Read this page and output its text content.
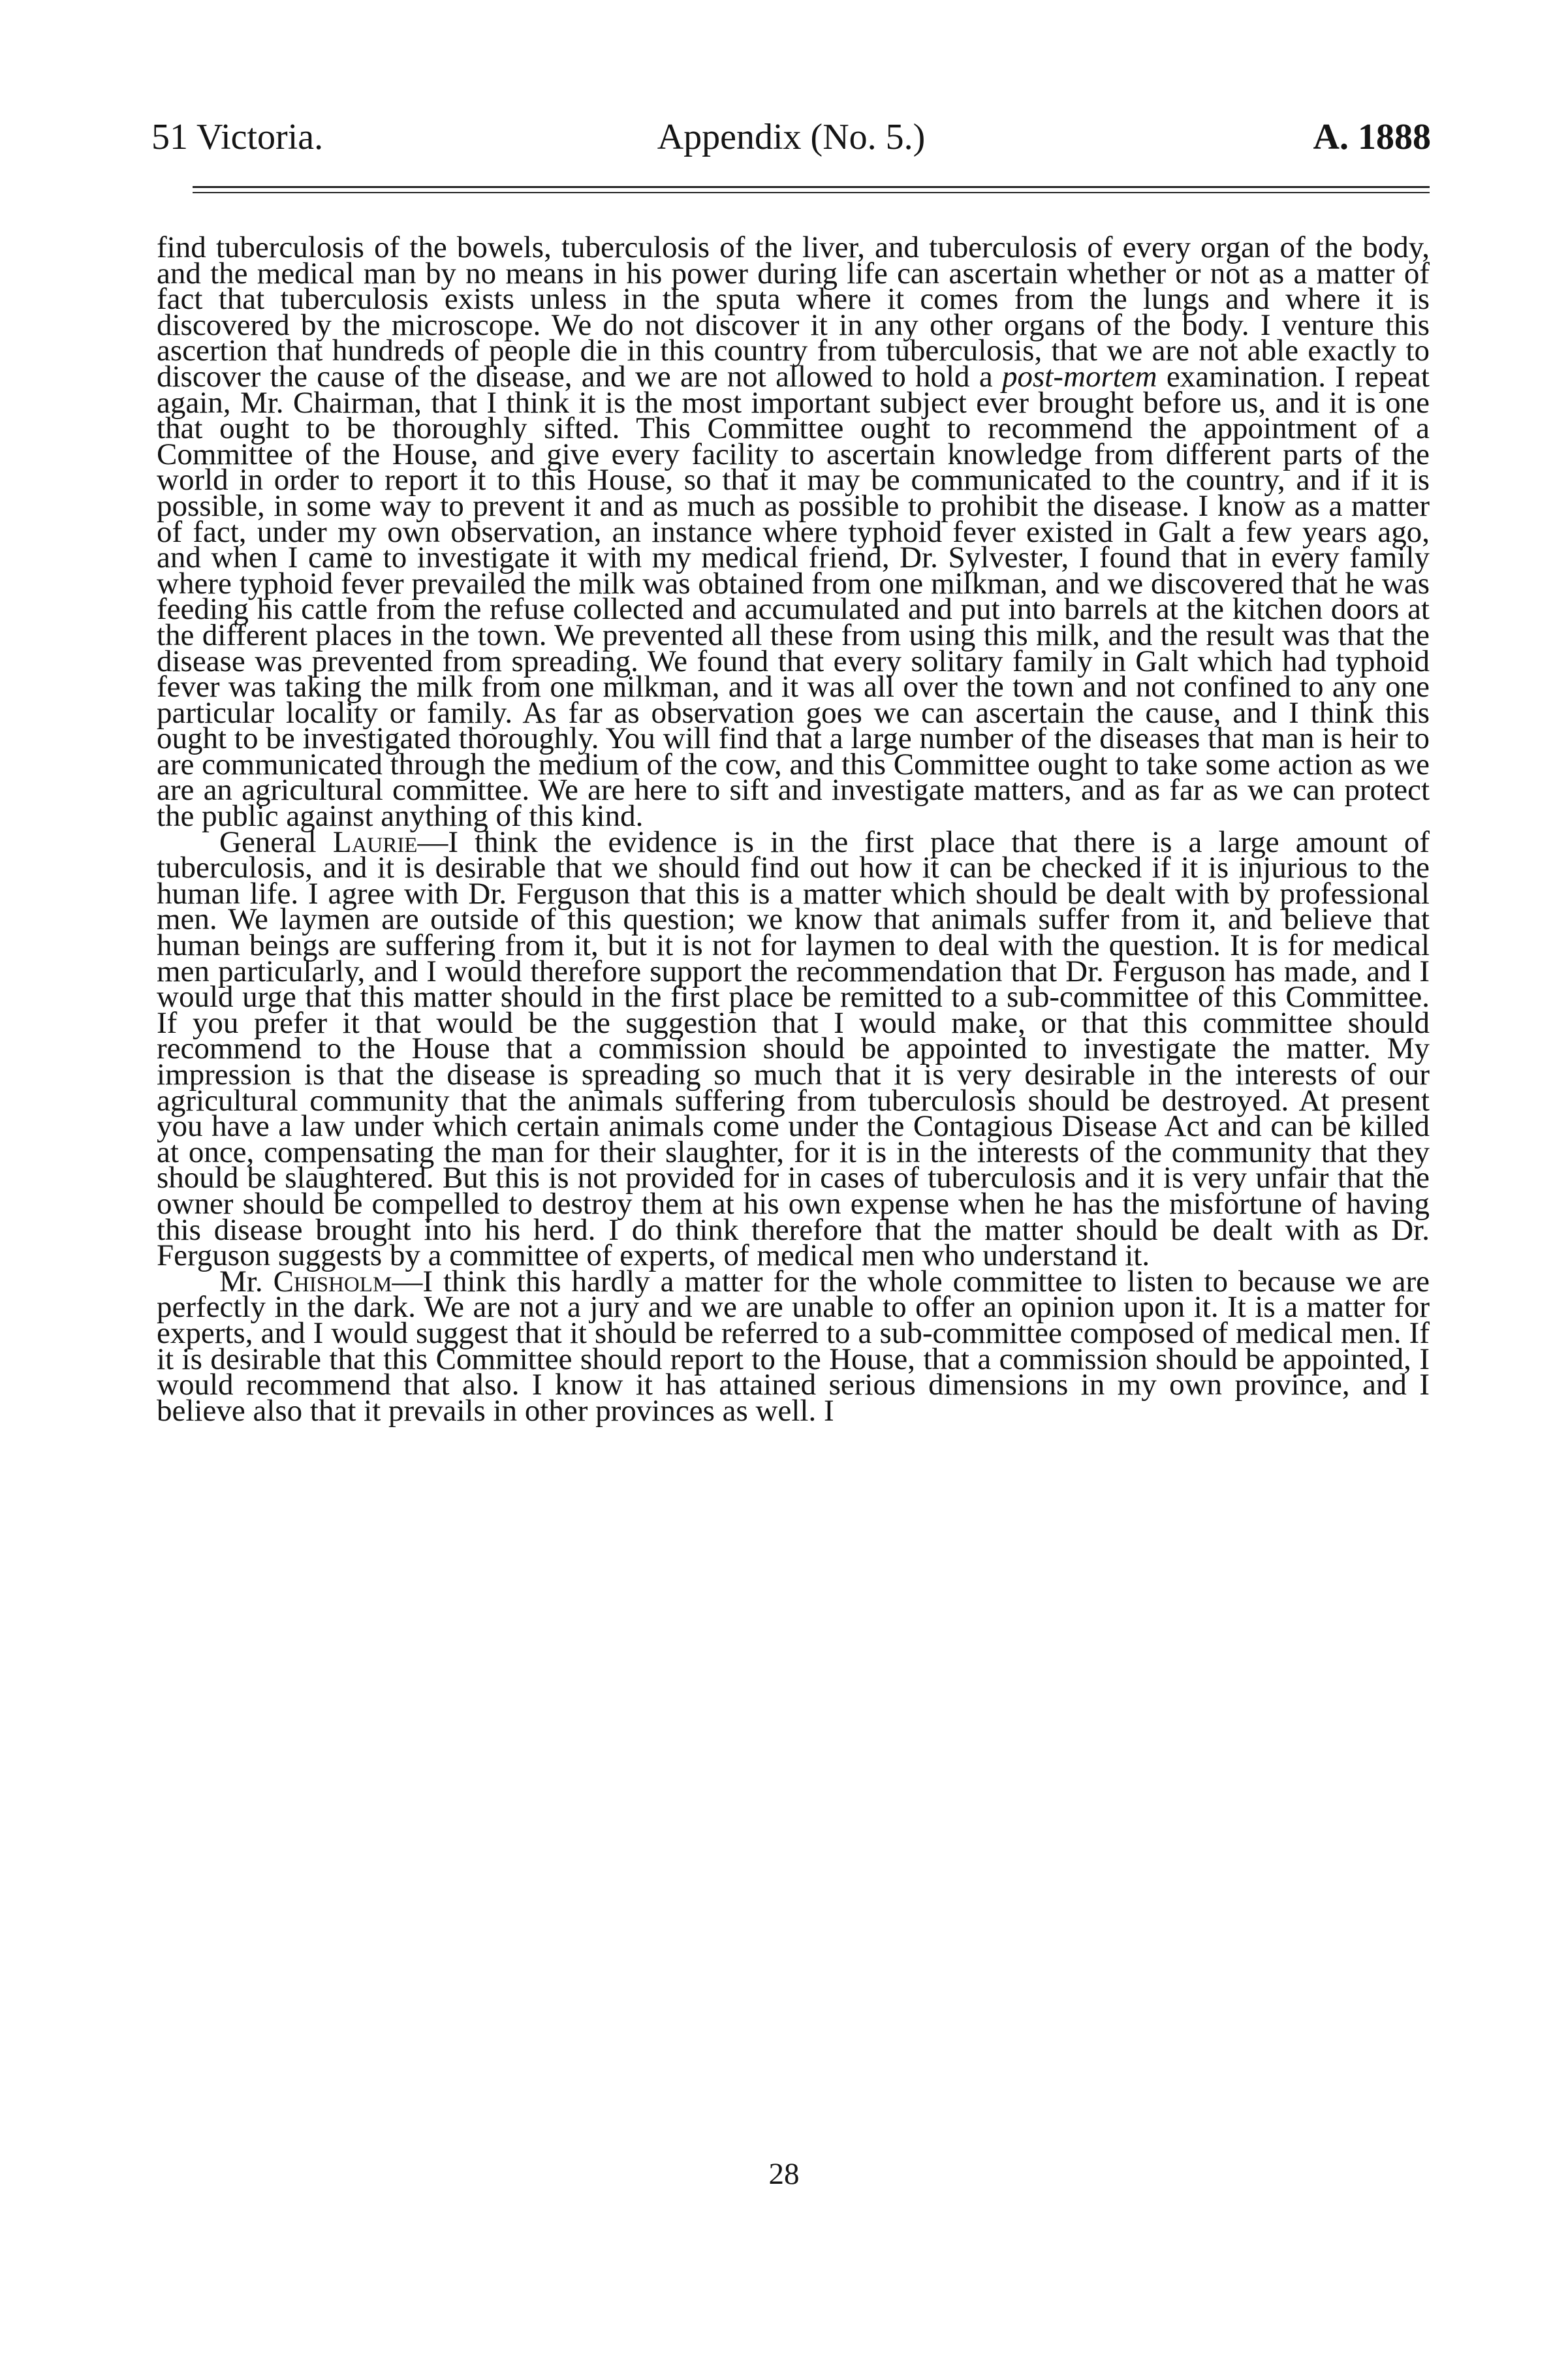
51 Victoria.	Appendix (No. 5.)	A. 1888

find tuberculosis of the bowels, tuberculosis of the liver, and tuberculosis of every organ of the body, and the medical man by no means in his power during life can ascertain whether or not as a matter of fact that tuberculosis exists unless in the sputa where it comes from the lungs and where it is discovered by the microscope. We do not discover it in any other organs of the body. I venture this ascertion that hundreds of people die in this country from tuberculosis, that we are not able exactly to discover the cause of the disease, and we are not allowed to hold a post-mortem examination. I repeat again, Mr. Chairman, that I think it is the most important subject ever brought before us, and it is one that ought to be thoroughly sifted. This Committee ought to recommend the appointment of a Committee of the House, and give every facility to ascertain knowledge from different parts of the world in order to report it to this House, so that it may be communicated to the country, and if it is possible, in some way to prevent it and as much as possible to prohibit the disease. I know as a matter of fact, under my own observation, an instance where typhoid fever existed in Galt a few years ago, and when I came to investigate it with my medical friend, Dr. Sylvester, I found that in every family where typhoid fever prevailed the milk was obtained from one milkman, and we discovered that he was feeding his cattle from the refuse collected and accumulated and put into barrels at the kitchen doors at the different places in the town. We prevented all these from using this milk, and the result was that the disease was prevented from spreading. We found that every solitary family in Galt which had typhoid fever was taking the milk from one milkman, and it was all over the town and not confined to any one particular locality or family. As far as observation goes we can ascertain the cause, and I think this ought to be investigated thoroughly. You will find that a large number of the diseases that man is heir to are communicated through the medium of the cow, and this Committee ought to take some action as we are an agricultural committee. We are here to sift and investigate matters, and as far as we can protect the public against anything of this kind.

General Laurie—I think the evidence is in the first place that there is a large amount of tuberculosis, and it is desirable that we should find out how it can be checked if it is injurious to the human life. I agree with Dr. Ferguson that this is a matter which should be dealt with by professional men. We laymen are outside of this question; we know that animals suffer from it, and believe that human beings are suffering from it, but it is not for laymen to deal with the question. It is for medical men particularly, and I would therefore support the recommendation that Dr. Ferguson has made, and I would urge that this matter should in the first place be remitted to a sub-committee of this Committee. If you prefer it that would be the suggestion that I would make, or that this committee should recommend to the House that a commission should be appointed to investigate the matter. My impression is that the disease is spreading so much that it is very desirable in the interests of our agricultural community that the animals suffering from tuberculosis should be destroyed. At present you have a law under which certain animals come under the Contagious Disease Act and can be killed at once, compensating the man for their slaughter, for it is in the interests of the community that they should be slaughtered. But this is not provided for in cases of tuberculosis and it is very unfair that the owner should be compelled to destroy them at his own expense when he has the misfortune of having this disease brought into his herd. I do think therefore that the matter should be dealt with as Dr. Ferguson suggests by a committee of experts, of medical men who understand it.

Mr. Chisholm—I think this hardly a matter for the whole committee to listen to because we are perfectly in the dark. We are not a jury and we are unable to offer an opinion upon it. It is a matter for experts, and I would suggest that it should be referred to a sub-committee composed of medical men. If it is desirable that this Committee should report to the House, that a commission should be appointed, I would recommend that also. I know it has attained serious dimensions in my own province, and I believe also that it prevails in other provinces as well. I

28
